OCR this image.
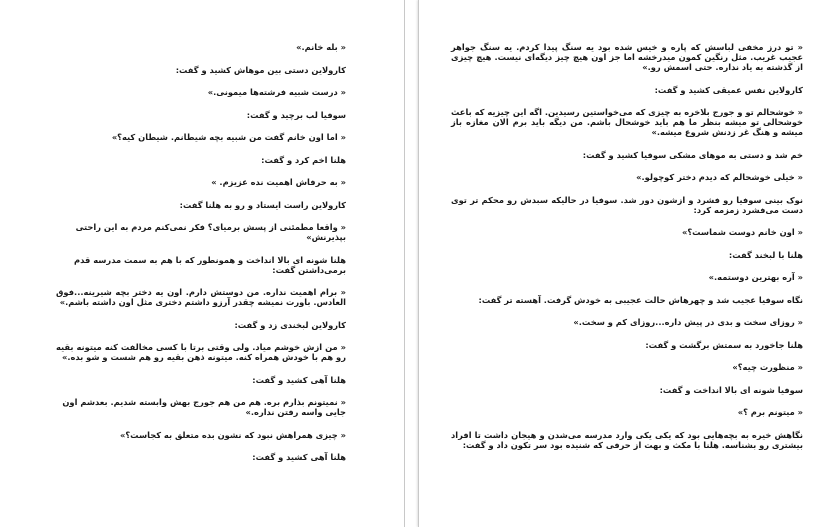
« بله خانم.»

کارولاین دستی بین موهاش کشید و گفت:

« درست شبیه فرشته‌ها میمونی.»

سوفیا لب برچید و گفت:

« اما اون خانم گفت من شبیه بچه شیطانم. شیطان کیه؟»

هلنا اخم کرد و گفت:

« به حرفاش اهمیت نده عزیزم. »

کارولاین راست ایستاد و رو به هلنا گفت:

« واقعا مطمئنی از پسش برمیای؟ فکر نمی‌کنم مردم به این راحتی بپذیرنش»

هلنا شونه ای بالا انداخت و همونطور که با هم به سمت مدرسه قدم برمی‌داشتن گفت:

« برام اهمیت نداره. من دوستش دارم. اون یه دختر بچه شیرینه...فوق العادس. باورت نمیشه چقدر آرزو داشتم دختری مثل اون داشته باشم.»

کارولاین لبخندی زد و گفت:

« من ازش خوشم میاد. ولی وقتی برتا با کسی مخالفت کنه میتونه بقیه رو هم با خودش همراه کنه. میتونه ذهن بقیه رو هم شست و شو بده.»

هلنا آهی کشید و گفت:

« نمیتونم بذارم بره. هم من هم جورج بهش وابسته شدیم. بعدشم اون جایی واسه رفتن نداره.»

« چیزی همراهش نبود که نشون بده متعلق به کجاست؟»

هلنا آهی کشید و گفت:

« تو درز مخفی لباسش که پاره و خیس شده بود یه سنگ پیدا کردم. یه سنگ جواهر عجیب غریب. مثل رنگین کمون میدرخشه اما جز اون هیچ چیز دیگه‌ای نیست. هیچ چیزی از گذشته به یاد نداره. حتی اسمش رو.»

کارولاین نفس عمیقی کشید و گفت:

« خوشحالم تو و جورج بلاخره به چیزی که می‌خواستین رسیدین. اگه این چیزیه که باعث خوشحالی تو میشه بنظر ما هم باید خوشحال باشم. من دیگه باید برم الان مغازه باز میشه و هنگ غر زدنش شروع میشه.»

خم شد و دستی به موهای مشکی سوفیا کشید و گفت:

« خیلی خوشحالم که دیدم دختر کوچولو.»

نوک بینی سوفیا رو فشرد و ازشون دور شد. سوفیا در حالیکه سبدش رو محکم تر توی دست می‌فشرد زمزمه کرد:

« اون خانم دوست شماست؟»

هلنا با لبخند گفت:

« آره بهترین دوستمه.»

نگاه سوفیا عجیب شد و چهرهاش حالت عجیبی به خودش گرفت. آهسته تر گفت:

« روزای سخت و بدی در پیش داره...روزای کم و سخت.»

هلنا جاخورد به سمتش برگشت و گفت:

« منظورت چیه؟»

سوفیا شونه ای بالا انداخت و گفت:

« میتونم برم ؟»

نگاهش خیره به بچه‌هایی بود که یکی یکی وارد مدرسه می‌شدن و هیجان داشت تا افراد بیشتری رو بشناسه. هلنا با مکث و بهت از حرفی که شنیده بود سر تکون داد و گفت:
